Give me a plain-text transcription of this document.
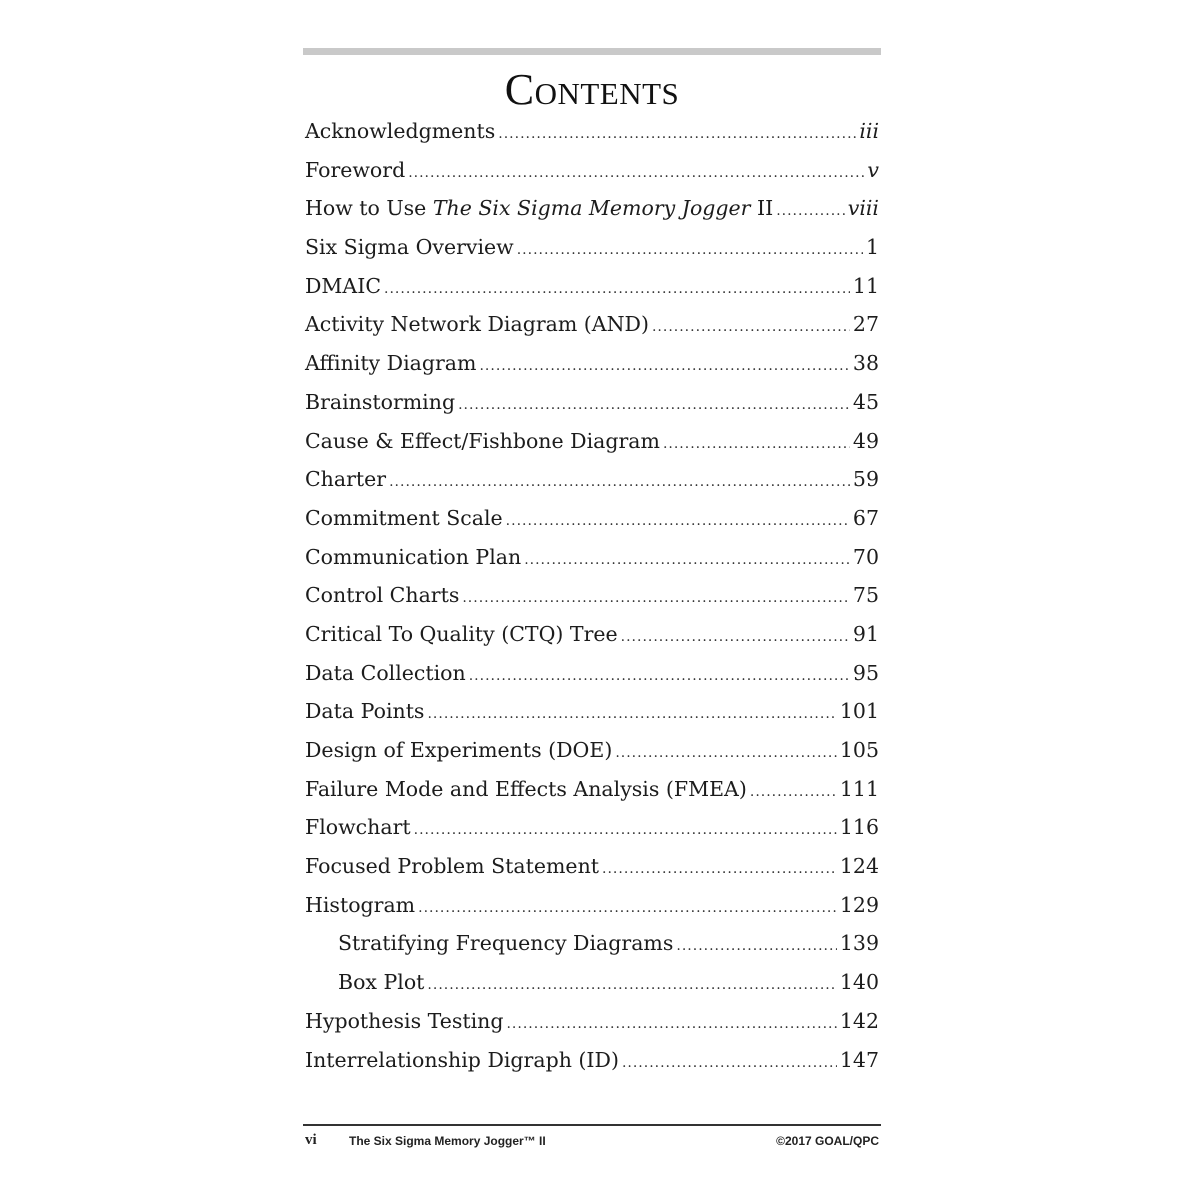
Contents
Acknowledgments .....	iii
Foreword .....	v
How to Use The Six Sigma Memory Jogger II .....	viii
Six Sigma Overview .....	1
DMAIC .....	11
Activity Network Diagram (AND) .....	27
Affinity Diagram .....	38
Brainstorming .....	45
Cause & Effect/Fishbone Diagram .....	49
Charter .....	59
Commitment Scale .....	67
Communication Plan .....	70
Control Charts .....	75
Critical To Quality (CTQ) Tree .....	91
Data Collection .....	95
Data Points .....	101
Design of Experiments (DOE) .....	105
Failure Mode and Effects Analysis (FMEA) .....	111
Flowchart .....	116
Focused Problem Statement .....	124
Histogram .....	129
Stratifying Frequency Diagrams .....	139
Box Plot .....	140
Hypothesis Testing .....	142
Interrelationship Digraph (ID) .....	147
vi	The Six Sigma Memory Jogger™ II	©2017 GOAL/QPC
